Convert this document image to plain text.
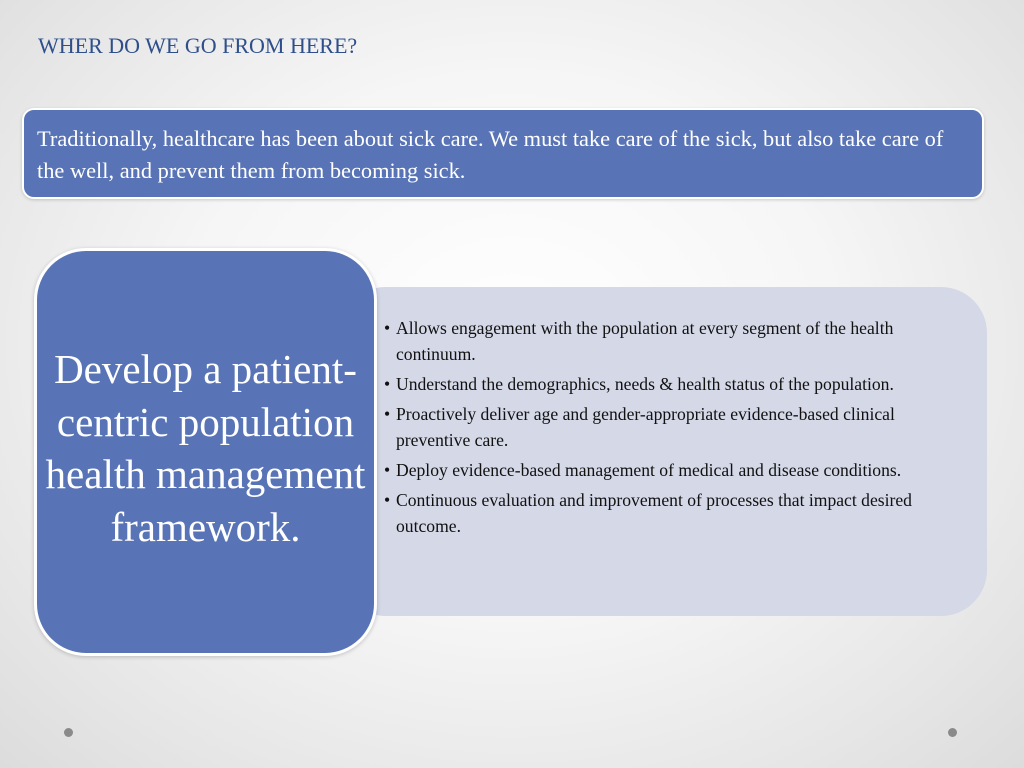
WHER DO WE GO FROM HERE?
Traditionally, healthcare has been about sick care. We must take care of the sick, but also take care of the well, and prevent them from becoming sick.
• Allows engagement with the population at every segment of the health continuum.
• Understand the demographics, needs & health status of the population.
• Proactively deliver age and gender-appropriate evidence-based clinical preventive care.
• Deploy evidence-based management of medical and disease conditions.
• Continuous evaluation and improvement of processes that impact desired outcome.

Develop a patient-centric population health management framework.
